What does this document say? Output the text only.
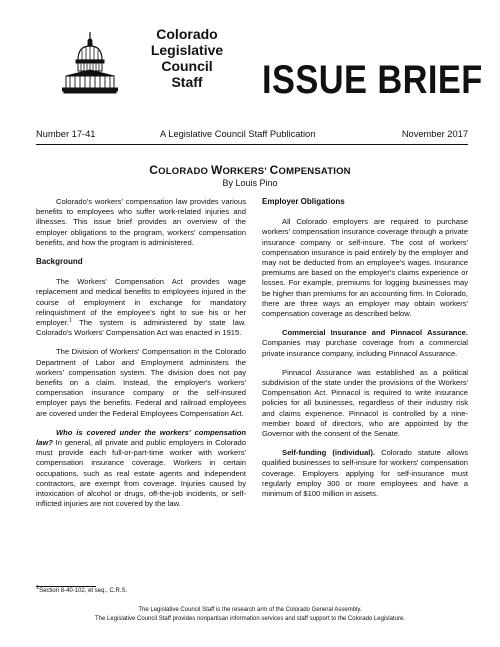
Colorado
Legislative
Council
Staff	ISSUE BRIEF
Number 17-41	A Legislative Council Staff Publication	November 2017
COLORADO WORKERS' COMPENSATION
By Louis Pino

Colorado's workers' compensation law provides various benefits to employees who suffer work-related injuries and illnesses. This issue brief provides an overview of the employer obligations to the program, workers' compensation benefits, and how the program is administered.

Background

The Workers' Compensation Act provides wage replacement and medical benefits to employees injured in the course of employment in exchange for mandatory relinquishment of the employee's right to sue his or her employer.$^1$ The system is administered by state law. Colorado's Workers' Compensation Act was enacted in 1915.

The Division of Workers' Compensation in the Colorado Department of Labor and Employment administers the workers' compensation system. The division does not pay benefits on a claim. Instead, the employer's workers' compensation insurance company or the self-insured employer pays the benefits. Federal and railroad employees are covered under the Federal Employees Compensation Act.

Who is covered under the workers' compensation law? In general, all private and public employers in Colorado must provide each full-or-part-time worker with workers' compensation insurance coverage. Workers in certain occupations, such as real estate agents and independent contractors, are exempt from coverage. Injuries caused by intoxication of alcohol or drugs, off-the-job incidents, or self-inflicted injuries are not covered by the law.

Employer Obligations

All Colorado employers are required to purchase workers' compensation insurance coverage through a private insurance company or self-insure. The cost of workers' compensation insurance is paid entirely by the employer and may not be deducted from an employee's wages. Insurance premiums are based on the employer's claims experience or losses. For example, premiums for logging businesses may be higher than premiums for an accounting firm. In Colorado, there are three ways an employer may obtain workers' compensation coverage as described below.

Commercial Insurance and Pinnacol Assurance. Companies may purchase coverage from a commercial private insurance company, including Pinnacol Assurance.

Pinnacol Assurance was established as a political subdivision of the state under the provisions of the Workers' Compensation Act. Pinnacol is required to write insurance policies for all businesses, regardless of their industry risk and claims experience. Pinnacol is controlled by a nine-member board of directors, who are appointed by the Governor with the consent of the Senate.

Self-funding (individual). Colorado statute allows qualified businesses to self-insure for workers' compensation coverage. Employers applying for self-insurance must regularly employ 300 or more employees and have a minimum of $100 million in assets.

$^1$Section 8-40-102, et seq., C.R.S.
The Legislative Council Staff is the research arm of the Colorado General Assembly.
The Legislative Council Staff provides nonpartisan information services and staff support to the Colorado Legislature.
